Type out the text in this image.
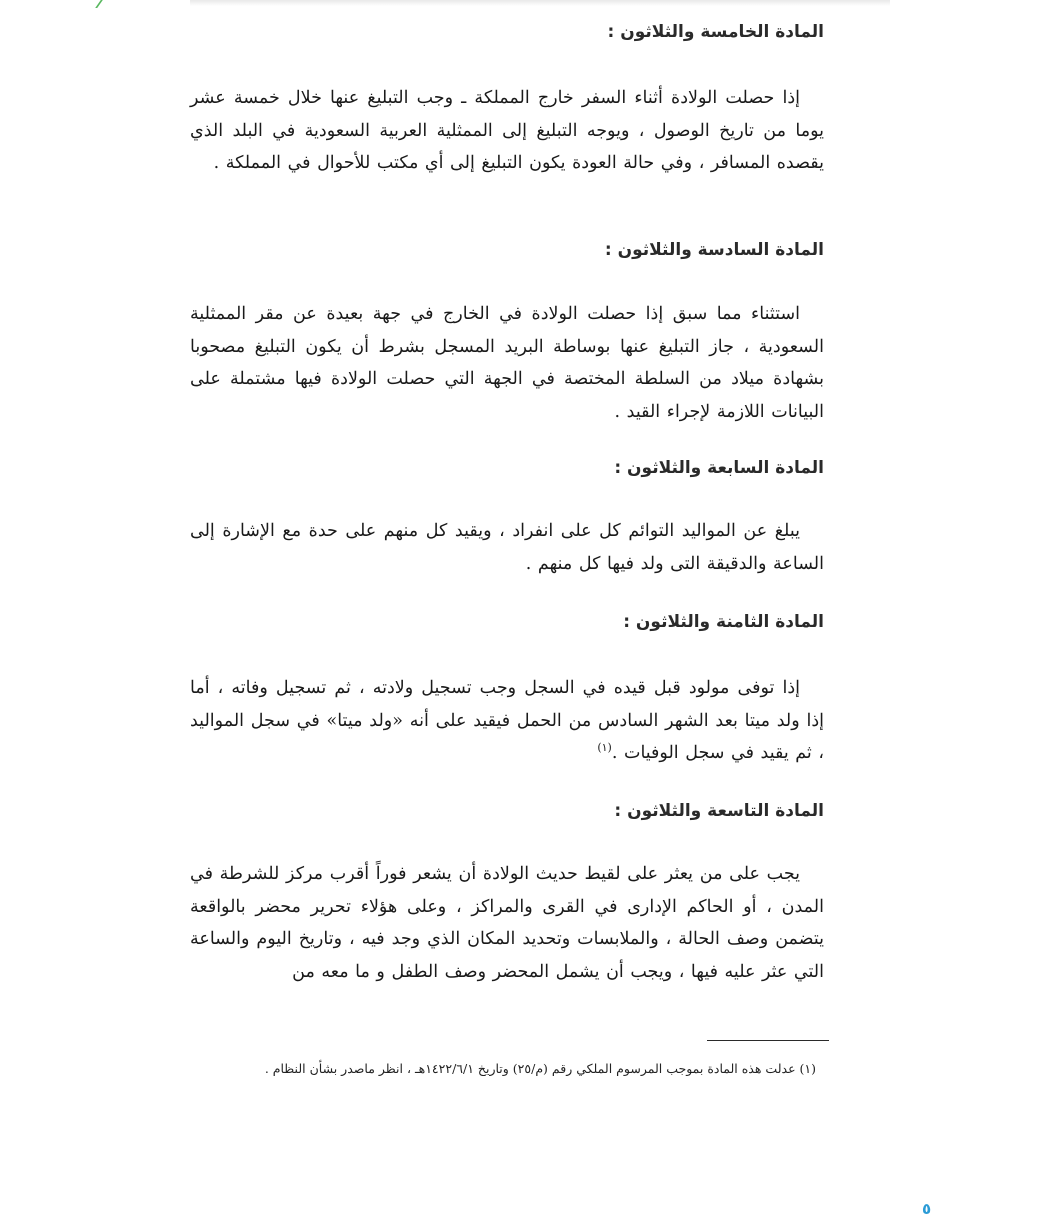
المادة الخامسة والثلاثون :
إذا حصلت الولادة أثناء السفر خارج المملكة ـ وجب التبليغ عنها خلال خمسة عشر يوما من تاريخ الوصول ، ويوجه التبليغ إلى الممثلية العربية السعودية في البلد الذي يقصده المسافر ، وفي حالة العودة يكون التبليغ إلى أي مكتب للأحوال في المملكة .
المادة السادسة والثلاثون :
استثناء مما سبق إذا حصلت الولادة في الخارج في جهة بعيدة عن مقر الممثلية السعودية ، جاز التبليغ عنها بوساطة البريد المسجل بشرط أن يكون التبليغ مصحوبا بشهادة ميلاد من السلطة المختصة في الجهة التي حصلت الولادة فيها مشتملة على البيانات اللازمة لإجراء القيد .
المادة السابعة والثلاثون :
يبلغ عن المواليد التوائم كل على انفراد ، ويقيد كل منهم على حدة مع الإشارة إلى الساعة والدقيقة التى ولد فيها كل منهم .
المادة الثامنة والثلاثون :
إذا توفى مولود قبل قيده في السجل وجب تسجيل ولادته ، ثم تسجيل وفاته ، أما إذا ولد ميتا بعد الشهر السادس من الحمل فيقيد على أنه «ولد ميتا» في سجل المواليد ، ثم يقيد في سجل الوفيات .$^{(١)}$
المادة التاسعة والثلاثون :
يجب على من يعثر على لقيط حديث الولادة أن يشعر فوراً أقرب مركز للشرطة في المدن ، أو الحاكم الإدارى في القرى والمراكز ، وعلى هؤلاء تحرير محضر بالواقعة يتضمن وصف الحالة ، والملابسات وتحديد المكان الذي وجد فيه ، وتاريخ اليوم والساعة التي عثر عليه فيها ، ويجب أن يشمل المحضر وصف الطفل و ما معه من
(١) عدلت هذه المادة بموجب المرسوم الملكي رقم (م/٢٥) وتاريخ ١٤٢٢/٦/١هـ ، انظر ماصدر بشأن النظام .
٥
